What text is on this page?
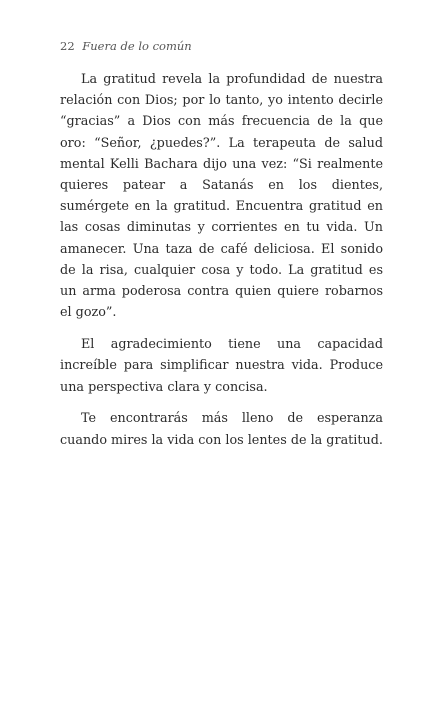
22 Fuera de lo común

La gratitud revela la profundidad de nuestra relación con Dios; por lo tanto, yo intento decirle “gracias” a Dios con más frecuencia de la que oro: “Señor, ¿puedes?”. La terapeuta de salud mental Kelli Bachara dijo una vez: “Si realmente quieres patear a Satanás en los dientes, sumérgete en la gratitud. Encuentra gratitud en las cosas diminutas y corrientes en tu vida. Un amanecer. Una taza de café deliciosa. El sonido de la risa, cualquier cosa y todo. La gratitud es un arma poderosa contra quien quiere robarnos el gozo”.

El agradecimiento tiene una capacidad increíble para simplificar nuestra vida. Produce una perspectiva clara y concisa.

Te encontrarás más lleno de esperanza cuando mires la vida con los lentes de la gratitud.
